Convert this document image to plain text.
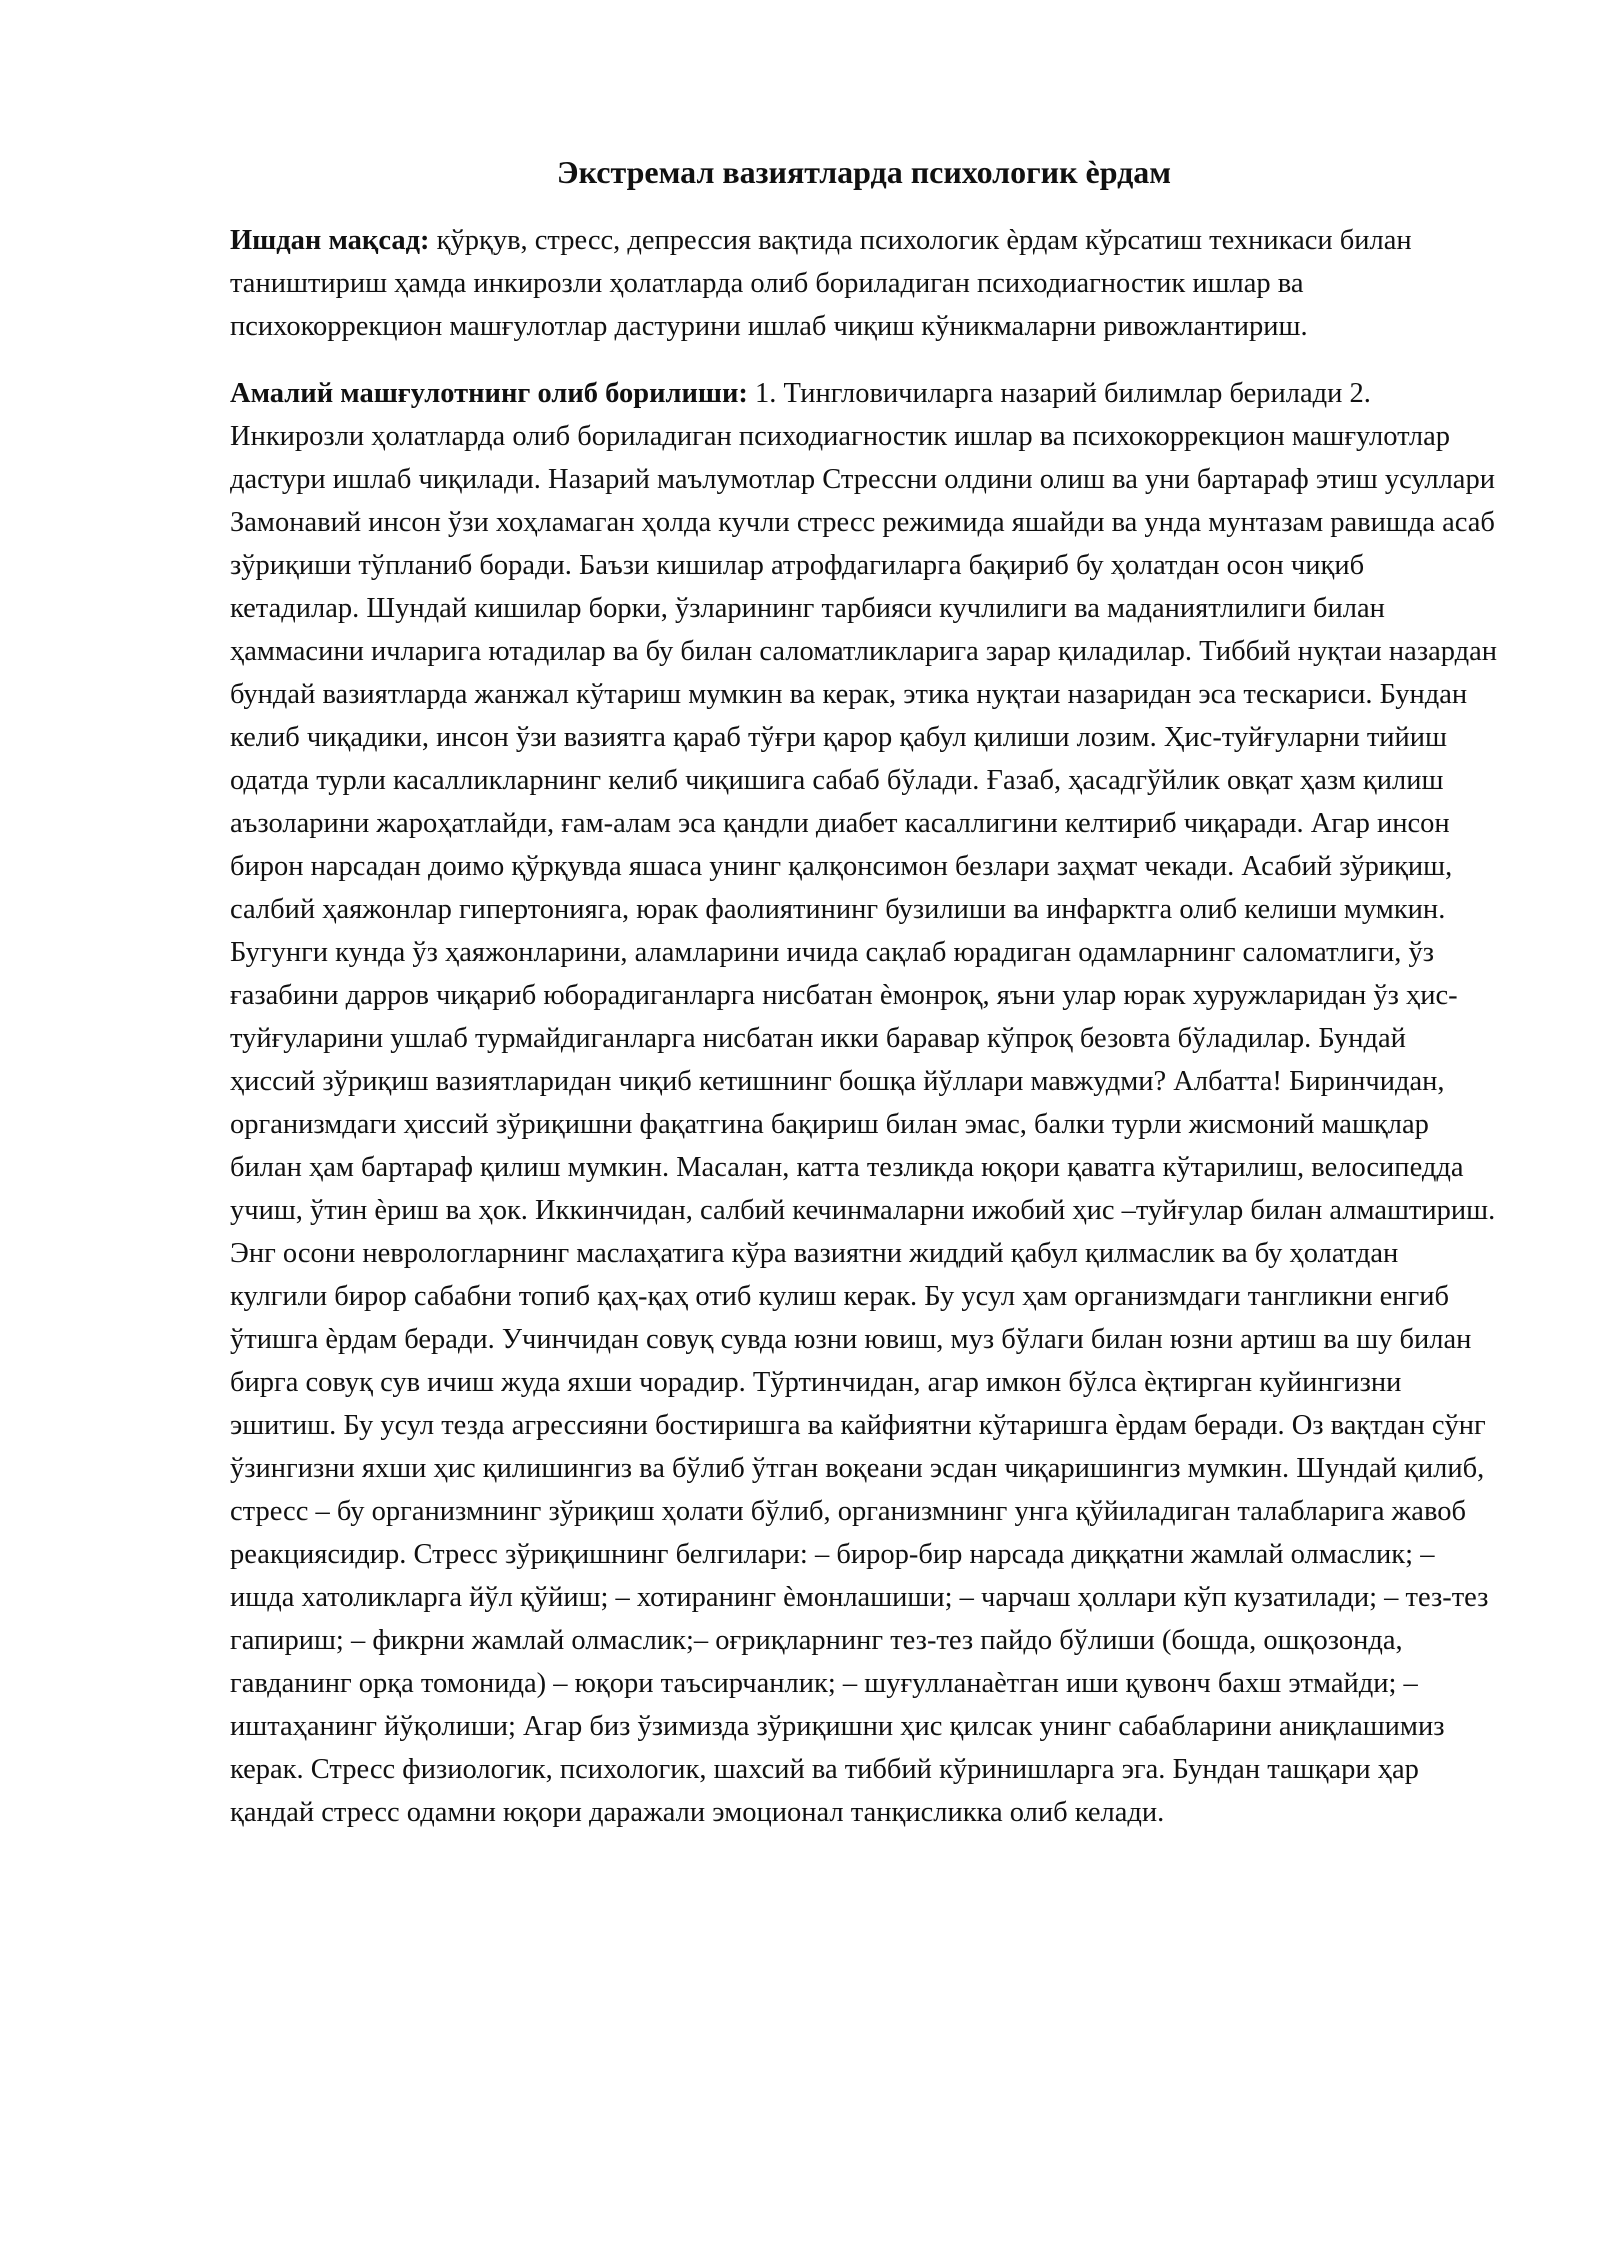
Экстремал вазиятларда психологик ѐрдам

Ишдан мақсад: қўрқув, стресс, депрессия вақтида психологик ѐрдам кўрсатиш техникаси билан таништириш ҳамда инкирозли ҳолатларда олиб бориладиган психодиагностик ишлар ва психокоррекцион машғулотлар дастурини ишлаб чиқиш кўникмаларни ривожлантириш.

Амалий машғулотнинг олиб борилиши: 1. Тингловичиларга назарий билимлар берилади 2. Инкирозли ҳолатларда олиб бориладиган психодиагностик ишлар ва психокоррекцион машғулотлар дастури ишлаб чиқилади. Назарий маълумотлар Стрессни олдини олиш ва уни бартараф этиш усуллари Замонавий инсон ўзи хоҳламаган ҳолда кучли стресс режимида яшайди ва унда мунтазам равишда асаб зўриқиши тўпланиб боради. Баъзи кишилар атрофдагиларга бақириб бу ҳолатдан осон чиқиб кетадилар. Шундай кишилар борки, ўзларининг тарбияси кучлилиги ва маданиятлилиги билан ҳаммасини ичларига ютадилар ва бу билан саломатликларига зарар қиладилар. Тиббий нуқтаи назардан бундай вазиятларда жанжал кўтариш мумкин ва керак, этика нуқтаи назаридан эса тескариси. Бундан келиб чиқадики, инсон ўзи вазиятга қараб тўғри қарор қабул қилиши лозим. Ҳис-туйғуларни тийиш одатда турли касалликларнинг келиб чиқишига сабаб бўлади. Ғазаб, ҳасадгўйлик овқат ҳазм қилиш аъзоларини жароҳатлайди, ғам-алам эса қандли диабет касаллигини келтириб чиқаради. Агар инсон бирон нарсадан доимо қўрқувда яшаса унинг қалқонсимон безлари заҳмат чекади. Асабий зўриқиш, салбий ҳаяжонлар гипертонияга, юрак фаолиятининг бузилиши ва инфарктга олиб келиши мумкин. Бугунги кунда ўз ҳаяжонларини, аламларини ичида сақлаб юрадиган одамларнинг саломатлиги, ўз ғазабини дарров чиқариб юборадиганларга нисбатан ѐмонроқ, яъни улар юрак хуружларидан ўз ҳис-туйғуларини ушлаб турмайдиганларга нисбатан икки баравар кўпроқ безовта бўладилар. Бундай ҳиссий зўриқиш вазиятларидан чиқиб кетишнинг бошқа йўллари мавжудми? Албатта! Биринчидан, организмдаги ҳиссий зўриқишни фақатгина бақириш билан эмас, балки турли жисмоний машқлар билан ҳам бартараф қилиш мумкин. Масалан, катта тезликда юқори қаватга кўтарилиш, велосипедда учиш, ўтин ѐриш ва ҳок. Иккинчидан, салбий кечинмаларни ижобий ҳис –туйғулар билан алмаштириш. Энг осони неврологларнинг маслаҳатига кўра вазиятни жиддий қабул қилмаслик ва бу ҳолатдан кулгили бирор сабабни топиб қаҳ-қаҳ отиб кулиш керак. Бу усул ҳам организмдаги тангликни енгиб ўтишга ѐрдам беради. Учинчидан совуқ сувда юзни ювиш, муз бўлаги билан юзни артиш ва шу билан бирга совуқ сув ичиш жуда яхши чорадир. Тўртинчидан, агар имкон бўлса ѐқтирган куйингизни эшитиш. Бу усул тезда агрессияни бостиришга ва кайфиятни кўтаришга ѐрдам беради. Оз вақтдан сўнг ўзингизни яхши ҳис қилишингиз ва бўлиб ўтган воқеани эсдан чиқаришингиз мумкин. Шундай қилиб, стресс – бу организмнинг зўриқиш ҳолати бўлиб, организмнинг унга қўйиладиган талабларига жавоб реакциясидир. Стресс зўриқишнинг белгилари: – бирор-бир нарсада диққатни жамлай олмаслик; – ишда хатоликларга йўл қўйиш; – хотиранинг ѐмонлашиши; – чарчаш ҳоллари кўп кузатилади; – тез-тез гапириш; – фикрни жамлай олмаслик;– оғриқларнинг тез-тез пайдо бўлиши (бошда, ошқозонда, гавданинг орқа томонида) – юқори таъсирчанлик; – шуғулланаѐтган иши қувонч бахш этмайди; – иштаҳанинг йўқолиши; Агар биз ўзимизда зўриқишни ҳис қилсак унинг сабабларини аниқлашимиз керак. Стресс физиологик, психологик, шахсий ва тиббий кўринишларга эга. Бундан ташқари ҳар қандай стресс одамни юқори даражали эмоционал танқисликка олиб келади.
